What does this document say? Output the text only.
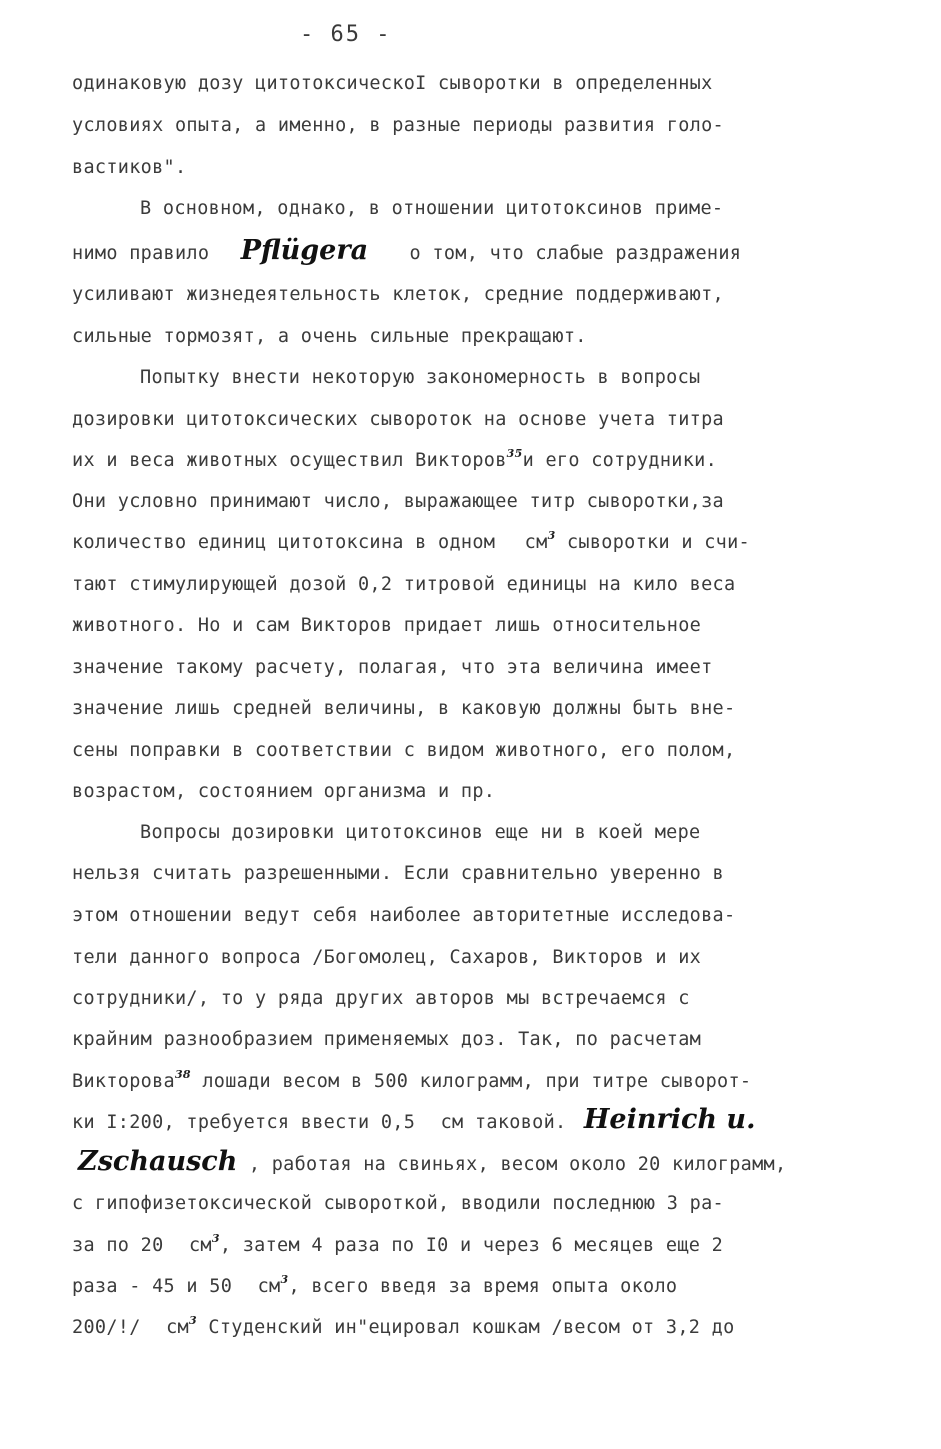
- 65 -
одинаковую дозу цитотоксическоІ сыворотки в определенных
условиях опыта, а именно, в разные периоды развития голо-
вастиков".
В основном, однако, в отношении цитотоксинов приме-
нимо правило Pflügera о том, что слабые раздражения
усиливают жизнедеятельность клеток, средние поддерживают,
сильные тормозят, а очень сильные прекращают.
Попытку внести некоторую закономерность в вопросы
дозировки цитотоксических сывороток на основе учета титра
их и веса животных осуществил Викторов$^{35}$и его сотрудники.
Они условно принимают число, выражающее титр сыворотки,за
количество единиц цитотоксина в одном $см^3$ сыворотки и счи-
тают стимулирующей дозой 0,2 титровой единицы на кило веса
животного. Но и сам Викторов придает лишь относительное
значение такому расчету, полагая, что эта величина имеет
значение лишь средней величины, в каковую должны быть вне-
сены поправки в соответствии с видом животного, его полом,
возрастом, состоянием организма и пр.
Вопросы дозировки цитотоксинов еще ни в коей мере
нельзя считать разрешенными. Если сравнительно уверенно в
этом отношении ведут себя наиболее авторитетные исследова-
тели данного вопроса /Богомолец, Сахаров, Викторов и их
сотрудники/, то у ряда других авторов мы встречаемся с
крайним разнообразием применяемых доз. Так, по расчетам
Викторова$^{38}$ лошади весом в 500 килограмм, при титре сыворот-
ки I:200, требуется ввести 0,5 см таковой. Heinrich u.
Zschausch , работая на свиньях, весом около 20 килограмм,
с гипофизетоксической сывороткой, вводили последнюю 3 ра-
за по 20 $см^3$, затем 4 раза по I0 и через 6 месяцев еще 2
раза - 45 и 50 $см^3$, всего введя за время опыта около
200/!/ $см^3$ Студенский ин"ецировал кошкам /весом от 3,2 до
